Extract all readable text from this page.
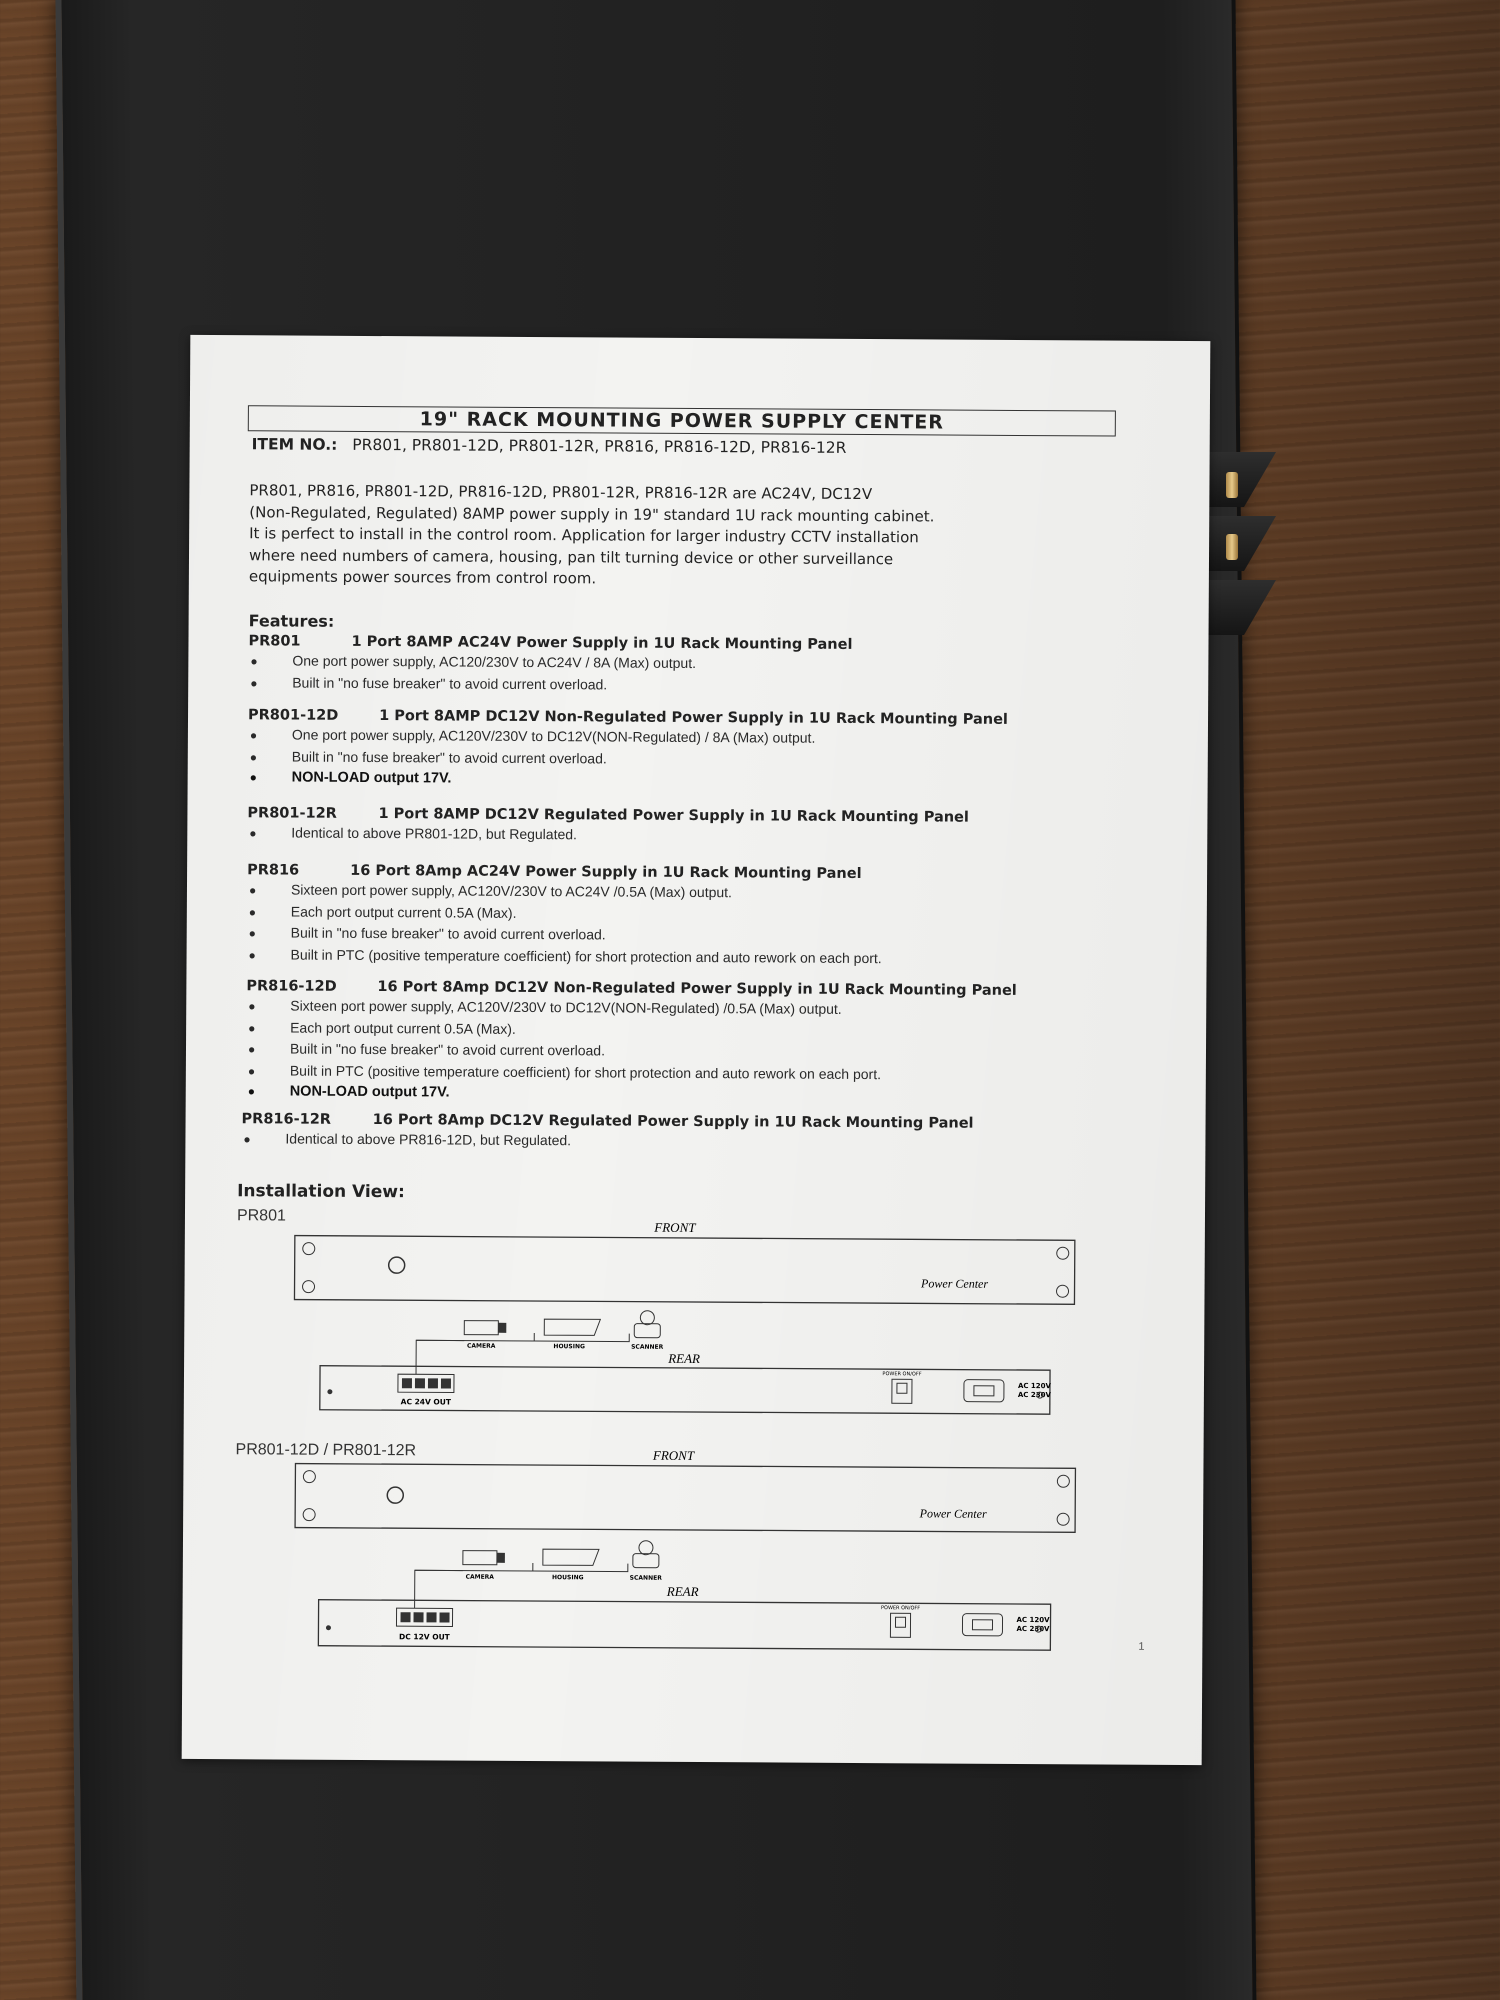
19" RACK MOUNTING POWER SUPPLY CENTER
ITEM NO.: PR801, PR801-12D, PR801-12R, PR816, PR816-12D, PR816-12R

PR801, PR816, PR801-12D, PR816-12D, PR801-12R, PR816-12R are AC24V, DC12V

(Non-Regulated, Regulated) 8AMP power supply in 19" standard 1U rack mounting cabinet.

It is perfect to install in the control room. Application for larger industry CCTV installation

where need numbers of camera, housing, pan tilt turning device or other surveillance

equipments power sources from control room.

Features:
PR801	1 Port 8AMP AC24V Power Supply in 1U Rack Mounting Panel
● One port power supply, AC120/230V to AC24V / 8A (Max) output.
● Built in "no fuse breaker" to avoid current overload.
PR801-12D	1 Port 8AMP DC12V Non-Regulated Power Supply in 1U Rack Mounting Panel
● One port power supply, AC120V/230V to DC12V(NON-Regulated) / 8A (Max) output.
● Built in "no fuse breaker" to avoid current overload.
● NON-LOAD output 17V.
PR801-12R	1 Port 8AMP DC12V Regulated Power Supply in 1U Rack Mounting Panel
● Identical to above PR801-12D, but Regulated.
PR816	16 Port 8Amp AC24V Power Supply in 1U Rack Mounting Panel
● Sixteen port power supply, AC120V/230V to AC24V /0.5A (Max) output.
● Each port output current 0.5A (Max).
● Built in "no fuse breaker" to avoid current overload.
● Built in PTC (positive temperature coefficient) for short protection and auto rework on each port.
PR816-12D	16 Port 8Amp DC12V Non-Regulated Power Supply in 1U Rack Mounting Panel
● Sixteen port power supply, AC120V/230V to DC12V(NON-Regulated) /0.5A (Max) output.
● Each port output current 0.5A (Max).
● Built in "no fuse breaker" to avoid current overload.
● Built in PTC (positive temperature coefficient) for short protection and auto rework on each port.
● NON-LOAD output 17V.
PR816-12R	16 Port 8Amp DC12V Regulated Power Supply in 1U Rack Mounting Panel
● Identical to above PR816-12D, but Regulated.
Installation View:
PR801
FRONT
Power Center
CAMERA	HOUSING	SCANNER
REAR
AC 24V OUT
POWER ON/OFF
AC 120V
AC 230V
PR801-12D / PR801-12R	FRONT
Power Center
CAMERA	HOUSING	SCANNER
REAR
DC 12V OUT
POWER ON/OFF
AC 120V
AC 230V
1
